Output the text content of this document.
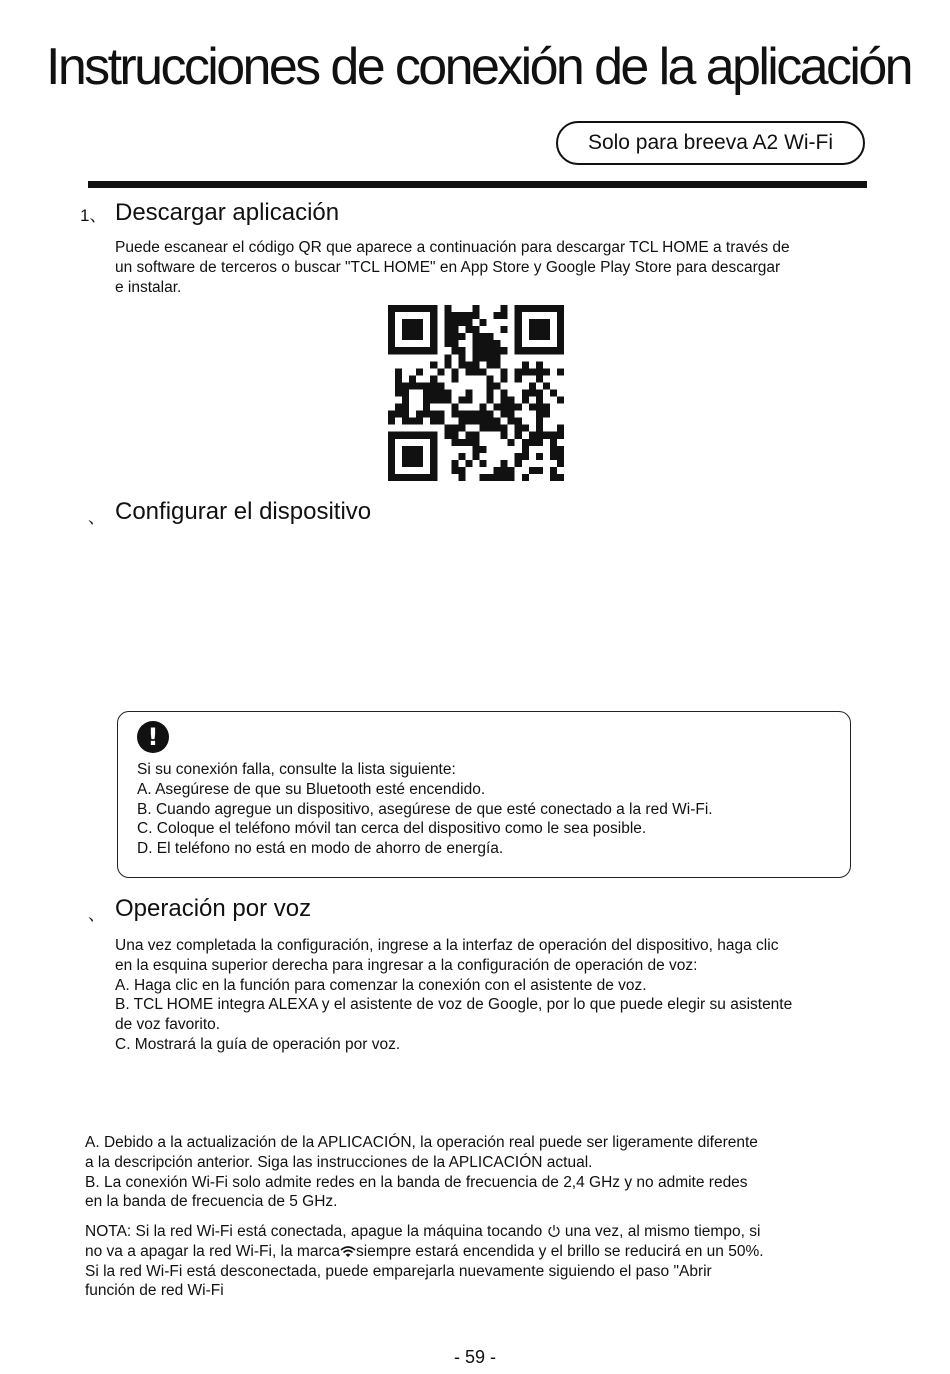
Instrucciones de conexión de la aplicación
Solo para breeva A2 Wi-Fi
1、 Descargar aplicación
Puede escanear el código QR que aparece a continuación para descargar TCL HOME a través de
un software de terceros o buscar "TCL HOME" en App Store y Google Play Store para descargar
e instalar.
、 Configurar el dispositivo
!
Si su conexión falla, consulte la lista siguiente:
A. Asegúrese de que su Bluetooth esté encendido.
B. Cuando agregue un dispositivo, asegúrese de que esté conectado a la red Wi-Fi.
C. Coloque el teléfono móvil tan cerca del dispositivo como le sea posible.
D. El teléfono no está en modo de ahorro de energía.
、 Operación por voz
Una vez completada la configuración, ingrese a la interfaz de operación del dispositivo, haga clic
en la esquina superior derecha para ingresar a la configuración de operación de voz:
A. Haga clic en la función para comenzar la conexión con el asistente de voz.
B. TCL HOME integra ALEXA y el asistente de voz de Google, por lo que puede elegir su asistente
de voz favorito.
C. Mostrará la guía de operación por voz.
A. Debido a la actualización de la APLICACIÓN, la operación real puede ser ligeramente diferente
a la descripción anterior. Siga las instrucciones de la APLICACIÓN actual.
B. La conexión Wi-Fi solo admite redes en la banda de frecuencia de 2,4 GHz y no admite redes
en la banda de frecuencia de 5 GHz.
NOTA: Si la red Wi-Fi está conectada, apague la máquina tocando una vez, al mismo tiempo, si
no va a apagar la red Wi-Fi, la marca siempre estará encendida y el brillo se reducirá en un 50%.
Si la red Wi-Fi está desconectada, puede emparejarla nuevamente siguiendo el paso "Abrir
función de red Wi-Fi
- 59 -
